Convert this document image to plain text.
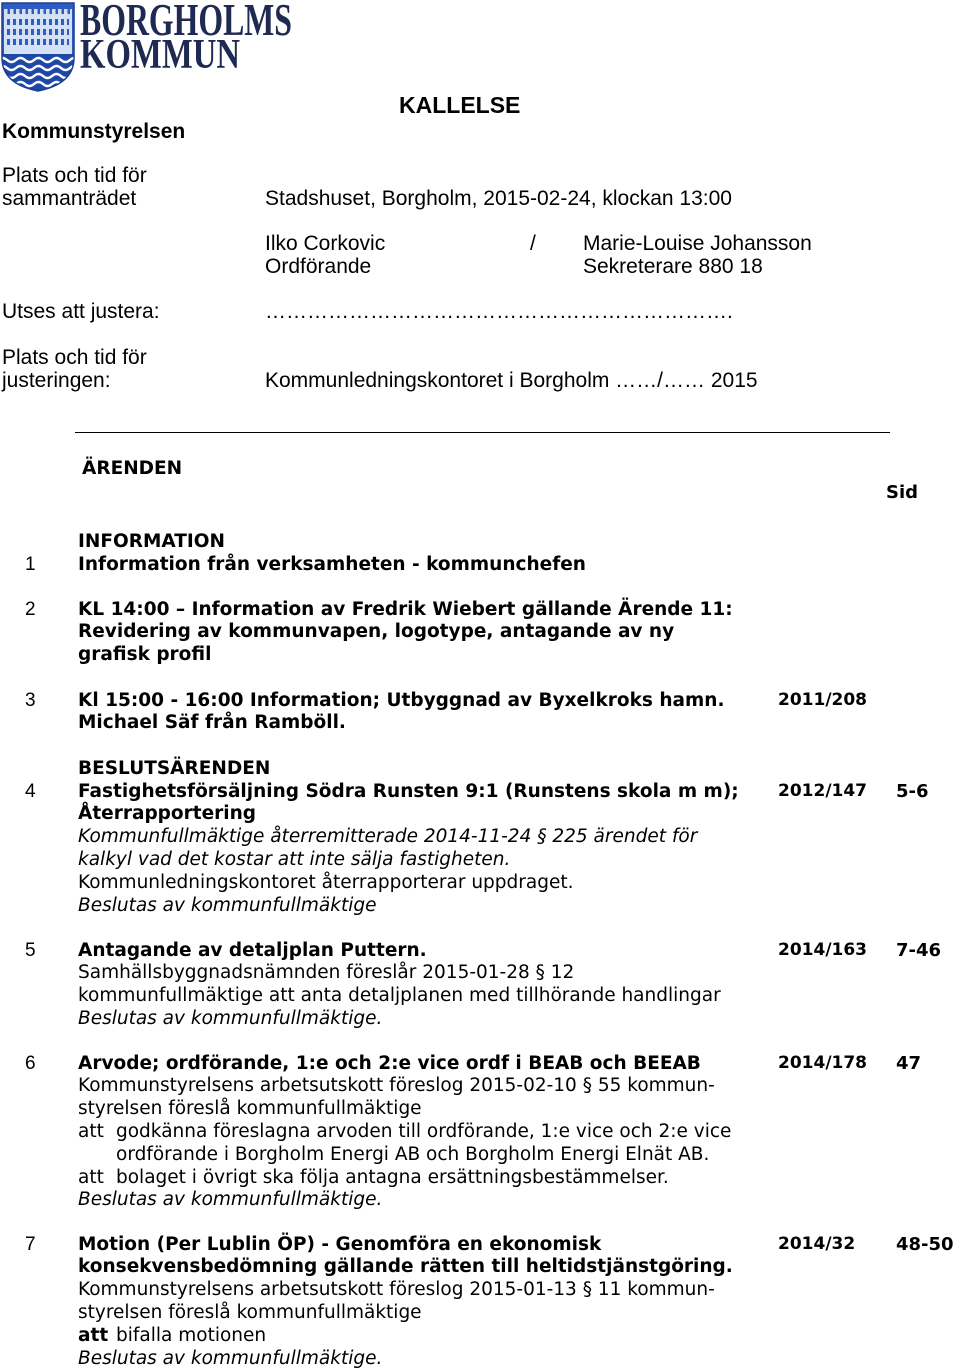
BORGHOLMS
KOMMUN
KALLELSE
Kommunstyrelsen
Plats och tid för
sammanträdet	Stadshuset, Borgholm, 2015-02-24, klockan 13:00
Ilko Corkovic
Ordförande
/ Marie-Louise Johansson
Sekreterare 880 18
Utses att justera:	………………………………………………………….
Plats och tid för
justeringen:	Kommunledningskontoret i Borgholm ……/…… 2015
ÄRENDEN
Sid
INFORMATION
1 Information från verksamheten - kommunchefen
2 KL 14:00 – Information av Fredrik Wiebert gällande Ärende 11:
Revidering av kommunvapen, logotype, antagande av ny
grafisk profil
3 Kl 15:00 - 16:00 Information; Utbyggnad av Byxelkroks hamn.
Michael Säf från Ramböll.
2011/208
BESLUTSÄRENDEN
4 Fastighetsförsäljning Södra Runsten 9:1 (Runstens skola m m);
Återrapportering
Kommunfullmäktige återremitterade 2014-11-24 § 225 ärendet för
kalkyl vad det kostar att inte sälja fastigheten.
Kommunledningskontoret återrapporterar uppdraget.
Beslutas av kommunfullmäktige
2012/147 5-6
5 Antagande av detaljplan Puttern.
Samhällsbyggnadsnämnden föreslår 2015-01-28 § 12
kommunfullmäktige att anta detaljplanen med tillhörande handlingar
Beslutas av kommunfullmäktige.
2014/163 7-46
6 Arvode; ordförande, 1:e och 2:e vice ordf i BEAB och BEEAB
Kommunstyrelsens arbetsutskott föreslog 2015-02-10 § 55 kommun-
styrelsen föreslå kommunfullmäktige
att godkänna föreslagna arvoden till ordförande, 1:e vice och 2:e vice
ordförande i Borgholm Energi AB och Borgholm Energi Elnät AB.
att bolaget i övrigt ska följa antagna ersättningsbestämmelser.
Beslutas av kommunfullmäktige.
2014/178 47
7 Motion (Per Lublin ÖP) - Genomföra en ekonomisk
konsekvensbedömning gällande rätten till heltidstjänstgöring.
Kommunstyrelsens arbetsutskott föreslog 2015-01-13 § 11 kommun-
styrelsen föreslå kommunfullmäktige
att bifalla motionen
Beslutas av kommunfullmäktige.
2014/32 48-50
